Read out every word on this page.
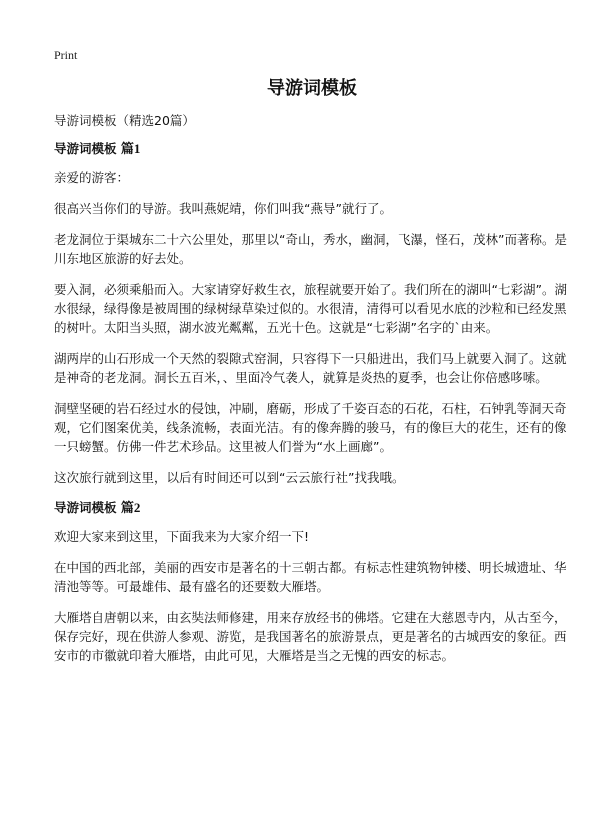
Print
导游词模板

导游词模板（精选20篇）

导游词模板 篇1

亲爱的游客：

很高兴当你们的导游。我叫燕妮靖，你们叫我“燕导”就行了。

老龙洞位于渠城东二十六公里处，那里以“奇山，秀水，幽洞，飞瀑，怪石，茂林”而著称。是川东地区旅游的好去处。

要入洞，必须乘船而入。大家请穿好救生衣，旅程就要开始了。我们所在的湖叫“七彩湖”。湖水很绿，绿得像是被周围的绿树绿草染过似的。水很清，清得可以看见水底的沙粒和已经发黑的树叶。太阳当头照，湖水波光粼粼，五光十色。这就是“七彩湖”名字的`由来。

湖两岸的山石形成一个天然的裂隙式窑洞，只容得下一只船进出，我们马上就要入洞了。这就是神奇的老龙洞。洞长五百米，、里面冷气袭人，就算是炎热的夏季，也会让你倍感哆嗦。

洞壁坚硬的岩石经过水的侵蚀，冲刷，磨砺，形成了千姿百态的石花，石柱，石钟乳等洞天奇观，它们图案优美，线条流畅，表面光洁。有的像奔腾的骏马，有的像巨大的花生，还有的像一只螃蟹。仿佛一件艺术珍品。这里被人们誉为“水上画廊”。

这次旅行就到这里，以后有时间还可以到“云云旅行社”找我哦。

导游词模板 篇2

欢迎大家来到这里，下面我来为大家介绍一下!

在中国的西北部，美丽的西安市是著名的十三朝古都。有标志性建筑物钟楼、明长城遗址、华清池等等。可最雄伟、最有盛名的还要数大雁塔。

大雁塔自唐朝以来，由玄奘法师修建，用来存放经书的佛塔。它建在大慈恩寺内，从古至今，保存完好，现在供游人参观、游览，是我国著名的旅游景点，更是著名的古城西安的象征。西安市的市徽就印着大雁塔，由此可见，大雁塔是当之无愧的西安的标志。
